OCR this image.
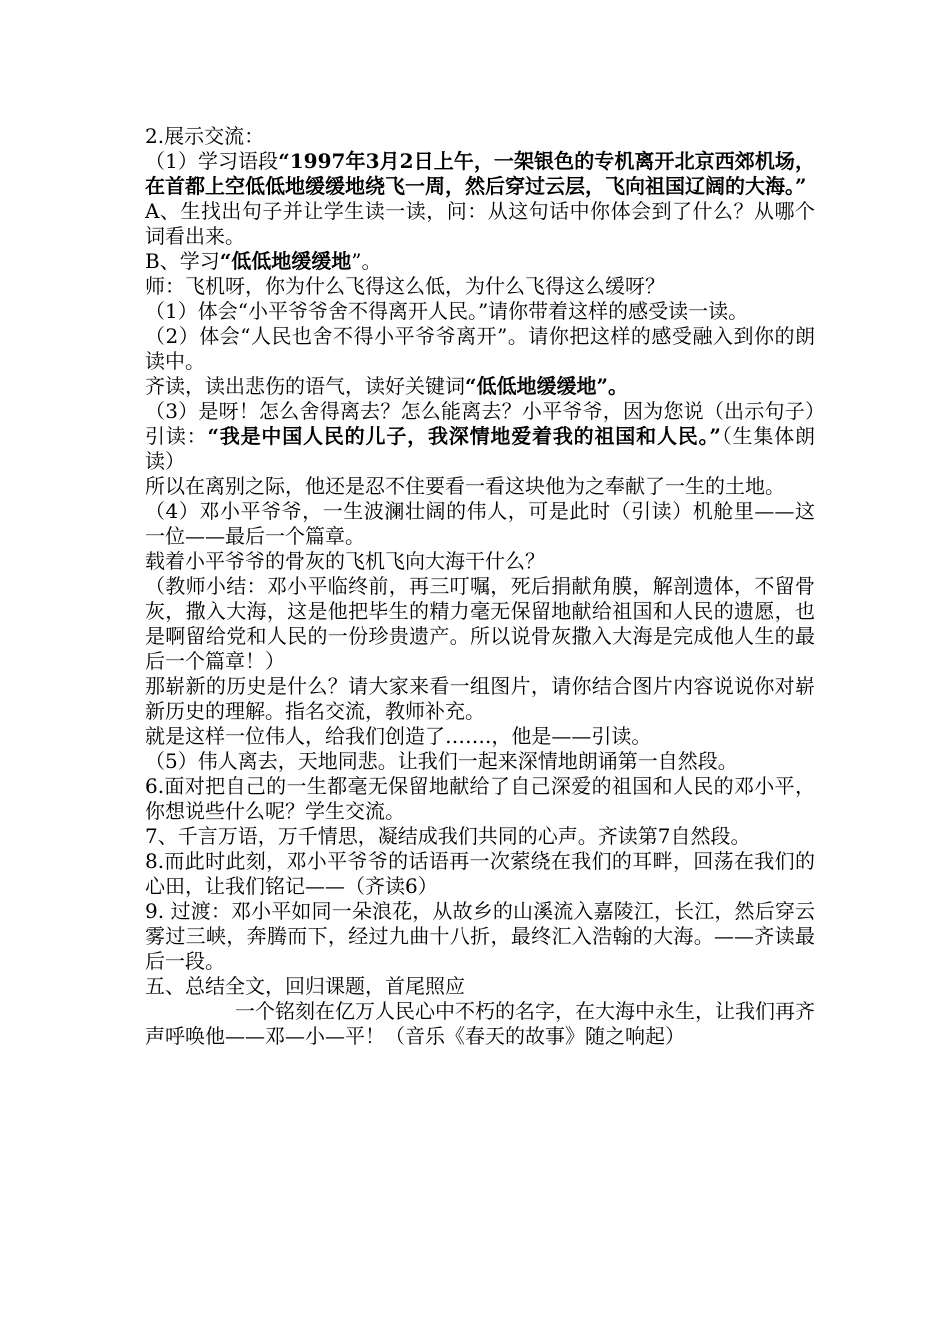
2.展示交流：

（1）学习语段“1997年3月2日上午，一架银色的专机离开北京西郊机场，在首都上空低低地缓缓地绕飞一周，然后穿过云层，飞向祖国辽阔的大海。”

A、生找出句子并让学生读一读，问：从这句话中你体会到了什么？从哪个词看出来。

B、学习“低低地缓缓地”。

师：飞机呀，你为什么飞得这么低，为什么飞得这么缓呀？

（1）体会“小平爷爷舍不得离开人民。”请你带着这样的感受读一读。

（2）体会“人民也舍不得小平爷爷离开”。请你把这样的感受融入到你的朗读中。

齐读，读出悲伤的语气，读好关键词“低低地缓缓地”。

（3）是呀！怎么舍得离去？怎么能离去？小平爷爷，因为您说（出示句子）引读：“我是中国人民的儿子，我深情地爱着我的祖国和人民。”（生集体朗读）

所以在离别之际，他还是忍不住要看一看这块他为之奉献了一生的土地。

（4）邓小平爷爷，一生波澜壮阔的伟人，可是此时（引读）机舱里——这一位——最后一个篇章。

载着小平爷爷的骨灰的飞机飞向大海干什么？

（教师小结：邓小平临终前，再三叮嘱，死后捐献角膜，解剖遗体，不留骨灰，撒入大海，这是他把毕生的精力毫无保留地献给祖国和人民的遗愿，也是啊留给党和人民的一份珍贵遗产。所以说骨灰撒入大海是完成他人生的最后一个篇章！）

那崭新的历史是什么？请大家来看一组图片，请你结合图片内容说说你对崭新历史的理解。指名交流，教师补充。

就是这样一位伟人，给我们创造了…….，他是——引读。

（5）伟人离去，天地同悲。让我们一起来深情地朗诵第一自然段。

6.面对把自己的一生都毫无保留地献给了自己深爱的祖国和人民的邓小平，你想说些什么呢？学生交流。

7、千言万语，万千情思，凝结成我们共同的心声。齐读第7自然段。

8.而此时此刻，邓小平爷爷的话语再一次萦绕在我们的耳畔，回荡在我们的心田，让我们铭记——（齐读6）

9. 过渡：邓小平如同一朵浪花，从故乡的山溪流入嘉陵江，长江，然后穿云雾过三峡，奔腾而下，经过九曲十八折，最终汇入浩翰的大海。——齐读最后一段。

五、总结全文，回归课题，首尾照应

一个铭刻在亿万人民心中不朽的名字，在大海中永生，让我们再齐声呼唤他——邓—小—平！（音乐《春天的故事》随之响起）
